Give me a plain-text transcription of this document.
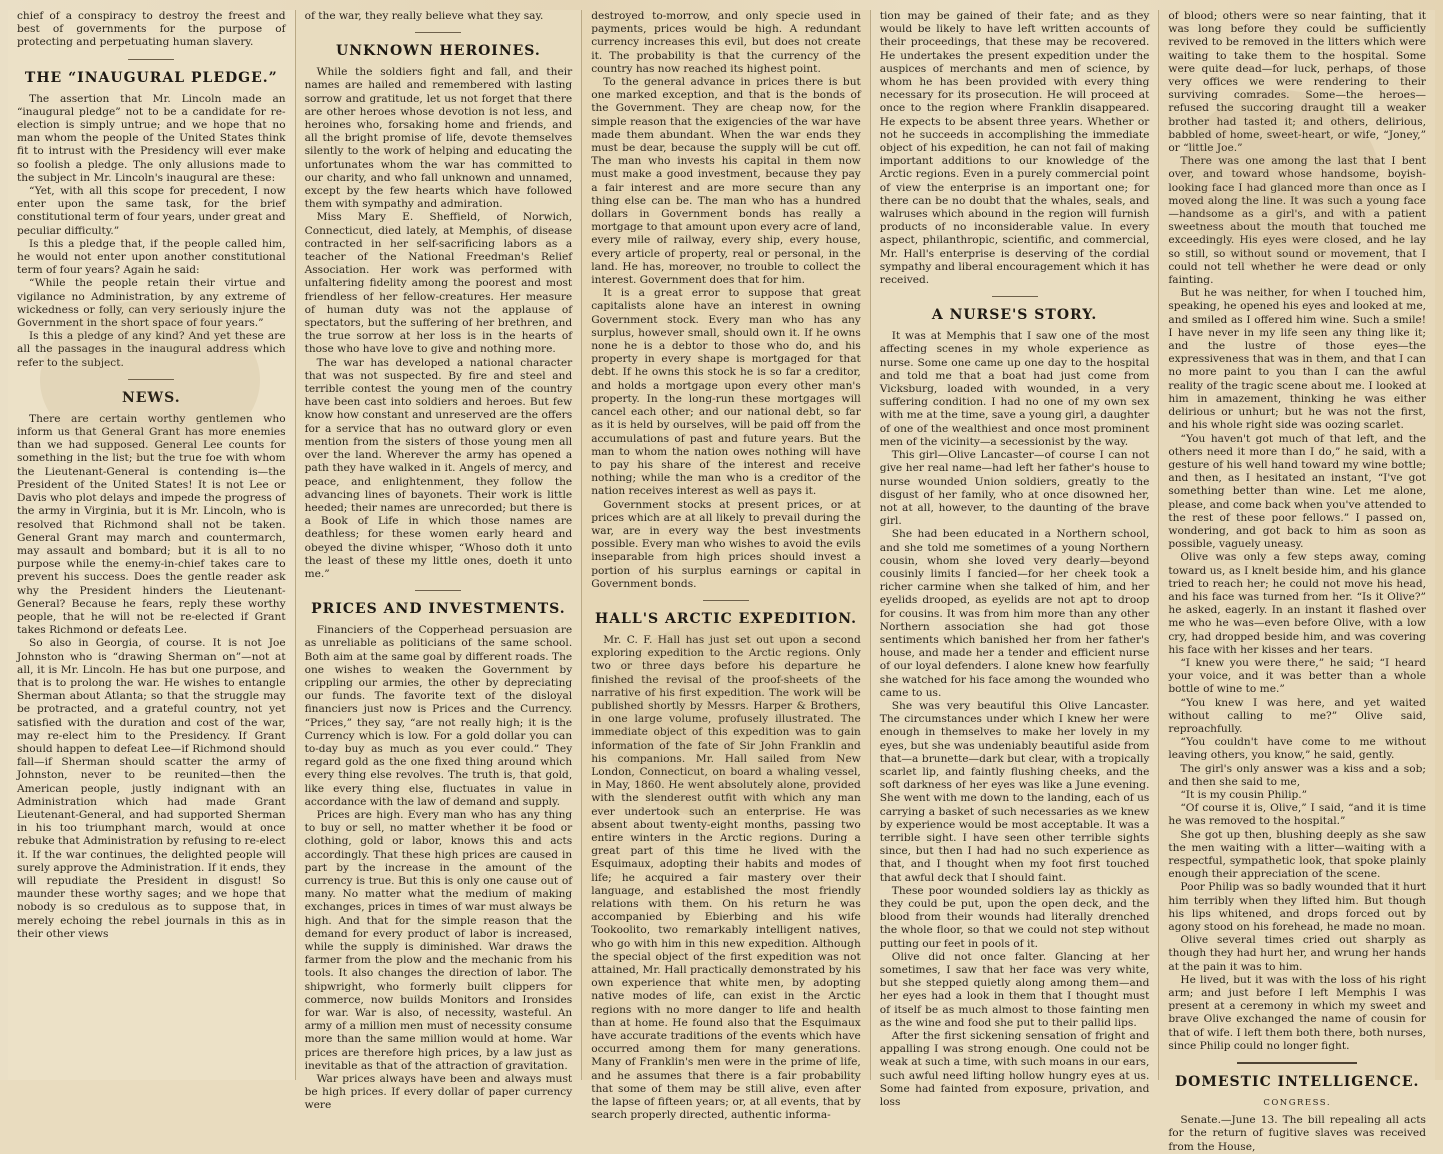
chief of a conspiracy to destroy the freest and best of governments for the purpose of protecting and perpetuating human slavery.

THE “INAUGURAL PLEDGE.”

The assertion that Mr. Lincoln made an “inaugural pledge” not to be a candidate for re-election is simply untrue; and we hope that no man whom the people of the United States think fit to intrust with the Presidency will ever make so foolish a pledge. The only allusions made to the subject in Mr. Lincoln's inaugural are these:

“Yet, with all this scope for precedent, I now enter upon the same task, for the brief constitutional term of four years, under great and peculiar difficulty.”

Is this a pledge that, if the people called him, he would not enter upon another constitutional term of four years? Again he said:

“While the people retain their virtue and vigilance no Administration, by any extreme of wickedness or folly, can very seriously injure the Government in the short space of four years.”

Is this a pledge of any kind? And yet these are all the passages in the inaugural address which refer to the subject.

NEWS.

There are certain worthy gentlemen who inform us that General Grant has more enemies than we had supposed. General Lee counts for something in the list; but the true foe with whom the Lieutenant-General is contending is—the President of the United States! It is not Lee or Davis who plot delays and impede the progress of the army in Virginia, but it is Mr. Lincoln, who is resolved that Richmond shall not be taken. General Grant may march and countermarch, may assault and bombard; but it is all to no purpose while the enemy-in-chief takes care to prevent his success. Does the gentle reader ask why the President hinders the Lieutenant-General? Because he fears, reply these worthy people, that he will not be re-elected if Grant takes Richmond or defeats Lee.

So also in Georgia, of course. It is not Joe Johnston who is “drawing Sherman on”—not at all, it is Mr. Lincoln. He has but one purpose, and that is to prolong the war. He wishes to entangle Sherman about Atlanta; so that the struggle may be protracted, and a grateful country, not yet satisfied with the duration and cost of the war, may re-elect him to the Presidency. If Grant should happen to defeat Lee—if Richmond should fall—if Sherman should scatter the army of Johnston, never to be reunited—then the American people, justly indignant with an Administration which had made Grant Lieutenant-General, and had supported Sherman in his too triumphant march, would at once rebuke that Administration by refusing to re-elect it. If the war continues, the delighted people will surely approve the Administration. If it ends, they will repudiate the President in disgust! So maunder these worthy sages; and we hope that nobody is so credulous as to suppose that, in merely echoing the rebel journals in this as in their other views

of the war, they really believe what they say.

UNKNOWN HEROINES.

While the soldiers fight and fall, and their names are hailed and remembered with lasting sorrow and gratitude, let us not forget that there are other heroes whose devotion is not less, and heroines who, forsaking home and friends, and all the bright promise of life, devote themselves silently to the work of helping and educating the unfortunates whom the war has committed to our charity, and who fall unknown and unnamed, except by the few hearts which have followed them with sympathy and admiration.

Miss Mary E. Sheffield, of Norwich, Connecticut, died lately, at Memphis, of disease contracted in her self-sacrificing labors as a teacher of the National Freedman's Relief Association. Her work was performed with unfaltering fidelity among the poorest and most friendless of her fellow-creatures. Her measure of human duty was not the applause of spectators, but the suffering of her brethren, and the true sorrow at her loss is in the hearts of those who have love to give and nothing more.

The war has developed a national character that was not suspected. By fire and steel and terrible contest the young men of the country have been cast into soldiers and heroes. But few know how constant and unreserved are the offers for a service that has no outward glory or even mention from the sisters of those young men all over the land. Wherever the army has opened a path they have walked in it. Angels of mercy, and peace, and enlightenment, they follow the advancing lines of bayonets. Their work is little heeded; their names are unrecorded; but there is a Book of Life in which those names are deathless; for these women early heard and obeyed the divine whisper, “Whoso doth it unto the least of these my little ones, doeth it unto me.”

PRICES AND INVESTMENTS.

Financiers of the Copperhead persuasion are as unreliable as politicians of the same school. Both aim at the same goal by different roads. The one wishes to weaken the Government by crippling our armies, the other by depreciating our funds. The favorite text of the disloyal financiers just now is Prices and the Currency. “Prices,” they say, “are not really high; it is the Currency which is low. For a gold dollar you can to-day buy as much as you ever could.” They regard gold as the one fixed thing around which every thing else revolves. The truth is, that gold, like every thing else, fluctuates in value in accordance with the law of demand and supply.

Prices are high. Every man who has any thing to buy or sell, no matter whether it be food or clothing, gold or labor, knows this and acts accordingly. That these high prices are caused in part by the increase in the amount of the currency is true. But this is only one cause out of many. No matter what the medium of making exchanges, prices in times of war must always be high. And that for the simple reason that the demand for every product of labor is increased, while the supply is diminished. War draws the farmer from the plow and the mechanic from his tools. It also changes the direction of labor. The shipwright, who formerly built clippers for commerce, now builds Monitors and Ironsides for war. War is also, of necessity, wasteful. An army of a million men must of necessity consume more than the same million would at home. War prices are therefore high prices, by a law just as inevitable as that of the attraction of gravitation.

War prices always have been and always must be high prices. If every dollar of paper currency were

destroyed to-morrow, and only specie used in payments, prices would be high. A redundant currency increases this evil, but does not create it. The probability is that the currency of the country has now reached its highest point.

To the general advance in prices there is but one marked exception, and that is the bonds of the Government. They are cheap now, for the simple reason that the exigencies of the war have made them abundant. When the war ends they must be dear, because the supply will be cut off. The man who invests his capital in them now must make a good investment, because they pay a fair interest and are more secure than any thing else can be. The man who has a hundred dollars in Government bonds has really a mortgage to that amount upon every acre of land, every mile of railway, every ship, every house, every article of property, real or personal, in the land. He has, moreover, no trouble to collect the interest. Government does that for him.

It is a great error to suppose that great capitalists alone have an interest in owning Government stock. Every man who has any surplus, however small, should own it. If he owns none he is a debtor to those who do, and his property in every shape is mortgaged for that debt. If he owns this stock he is so far a creditor, and holds a mortgage upon every other man's property. In the long-run these mortgages will cancel each other; and our national debt, so far as it is held by ourselves, will be paid off from the accumulations of past and future years. But the man to whom the nation owes nothing will have to pay his share of the interest and receive nothing; while the man who is a creditor of the nation receives interest as well as pays it.

Government stocks at present prices, or at prices which are at all likely to prevail during the war, are in every way the best investments possible. Every man who wishes to avoid the evils inseparable from high prices should invest a portion of his surplus earnings or capital in Government bonds.

HALL'S ARCTIC EXPEDITION.

Mr. C. F. Hall has just set out upon a second exploring expedition to the Arctic regions. Only two or three days before his departure he finished the revisal of the proof-sheets of the narrative of his first expedition. The work will be published shortly by Messrs. Harper & Brothers, in one large volume, profusely illustrated. The immediate object of this expedition was to gain information of the fate of Sir John Franklin and his companions. Mr. Hall sailed from New London, Connecticut, on board a whaling vessel, in May, 1860. He went absolutely alone, provided with the slenderest outfit with which any man ever undertook such an enterprise. He was absent about twenty-eight months, passing two entire winters in the Arctic regions. During a great part of this time he lived with the Esquimaux, adopting their habits and modes of life; he acquired a fair mastery over their language, and established the most friendly relations with them. On his return he was accompanied by Ebierbing and his wife Tookoolito, two remarkably intelligent natives, who go with him in this new expedition. Although the special object of the first expedition was not attained, Mr. Hall practically demonstrated by his own experience that white men, by adopting native modes of life, can exist in the Arctic regions with no more danger to life and health than at home. He found also that the Esquimaux have accurate traditions of the events which have occurred among them for many generations. Many of Franklin's men were in the prime of life, and he assumes that there is a fair probability that some of them may be still alive, even after the lapse of fifteen years; or, at all events, that by search properly directed, authentic informa-

tion may be gained of their fate; and as they would be likely to have left written accounts of their proceedings, that these may be recovered. He undertakes the present expedition under the auspices of merchants and men of science, by whom he has been provided with every thing necessary for its prosecution. He will proceed at once to the region where Franklin disappeared. He expects to be absent three years. Whether or not he succeeds in accomplishing the immediate object of his expedition, he can not fail of making important additions to our knowledge of the Arctic regions. Even in a purely commercial point of view the enterprise is an important one; for there can be no doubt that the whales, seals, and walruses which abound in the region will furnish products of no inconsiderable value. In every aspect, philanthropic, scientific, and commercial, Mr. Hall's enterprise is deserving of the cordial sympathy and liberal encouragement which it has received.

A NURSE'S STORY.

It was at Memphis that I saw one of the most affecting scenes in my whole experience as nurse. Some one came up one day to the hospital and told me that a boat had just come from Vicksburg, loaded with wounded, in a very suffering condition. I had no one of my own sex with me at the time, save a young girl, a daughter of one of the wealthiest and once most prominent men of the vicinity—a secessionist by the way.

This girl—Olive Lancaster—of course I can not give her real name—had left her father's house to nurse wounded Union soldiers, greatly to the disgust of her family, who at once disowned her, not at all, however, to the daunting of the brave girl.

She had been educated in a Northern school, and she told me sometimes of a young Northern cousin, whom she loved very dearly—beyond cousinly limits I fancied—for her cheek took a richer carmine when she talked of him, and her eyelids drooped, as eyelids are not apt to droop for cousins. It was from him more than any other Northern association she had got those sentiments which banished her from her father's house, and made her a tender and efficient nurse of our loyal defenders. I alone knew how fearfully she watched for his face among the wounded who came to us.

She was very beautiful this Olive Lancaster. The circumstances under which I knew her were enough in themselves to make her lovely in my eyes, but she was undeniably beautiful aside from that—a brunette—dark but clear, with a tropically scarlet lip, and faintly flushing cheeks, and the soft darkness of her eyes was like a June evening. She went with me down to the landing, each of us carrying a basket of such necessaries as we knew by experience would be most acceptable. It was a terrible sight. I have seen other terrible sights since, but then I had had no such experience as that, and I thought when my foot first touched that awful deck that I should faint.

These poor wounded soldiers lay as thickly as they could be put, upon the open deck, and the blood from their wounds had literally drenched the whole floor, so that we could not step without putting our feet in pools of it.

Olive did not once falter. Glancing at her sometimes, I saw that her face was very white, but she stepped quietly along among them—and her eyes had a look in them that I thought must of itself be as much almost to those fainting men as the wine and food she put to their pallid lips.

After the first sickening sensation of fright and appalling I was strong enough. One could not be weak at such a time, with such moans in our ears, such awful need lifting hollow hungry eyes at us. Some had fainted from exposure, privation, and loss

of blood; others were so near fainting, that it was long before they could be sufficiently revived to be removed in the litters which were waiting to take them to the hospital. Some were quite dead—for luck, perhaps, of those very offices we were rendering to their surviving comrades. Some—the heroes—refused the succoring draught till a weaker brother had tasted it; and others, delirious, babbled of home, sweet-heart, or wife, “Joney,” or “little Joe.”

There was one among the last that I bent over, and toward whose handsome, boyish-looking face I had glanced more than once as I moved along the line. It was such a young face—handsome as a girl's, and with a patient sweetness about the mouth that touched me exceedingly. His eyes were closed, and he lay so still, so without sound or movement, that I could not tell whether he were dead or only fainting.

But he was neither, for when I touched him, speaking, he opened his eyes and looked at me, and smiled as I offered him wine. Such a smile! I have never in my life seen any thing like it; and the lustre of those eyes—the expressiveness that was in them, and that I can no more paint to you than I can the awful reality of the tragic scene about me. I looked at him in amazement, thinking he was either delirious or unhurt; but he was not the first, and his whole right side was oozing scarlet.

“You haven't got much of that left, and the others need it more than I do,” he said, with a gesture of his well hand toward my wine bottle; and then, as I hesitated an instant, “I've got something better than wine. Let me alone, please, and come back when you've attended to the rest of these poor fellows.” I passed on, wondering, and got back to him as soon as possible, vaguely uneasy.

Olive was only a few steps away, coming toward us, as I knelt beside him, and his glance tried to reach her; he could not move his head, and his face was turned from her. “Is it Olive?” he asked, eagerly. In an instant it flashed over me who he was—even before Olive, with a low cry, had dropped beside him, and was covering his face with her kisses and her tears.

“I knew you were there,” he said; “I heard your voice, and it was better than a whole bottle of wine to me.”

“You knew I was here, and yet waited without calling to me?” Olive said, reproachfully.

“You couldn't have come to me without leaving others, you know,” he said, gently.

The girl's only answer was a kiss and a sob; and then she said to me,

“It is my cousin Philip.”

“Of course it is, Olive,” I said, “and it is time he was removed to the hospital.”

She got up then, blushing deeply as she saw the men waiting with a litter—waiting with a respectful, sympathetic look, that spoke plainly enough their appreciation of the scene.

Poor Philip was so badly wounded that it hurt him terribly when they lifted him. But though his lips whitened, and drops forced out by agony stood on his forehead, he made no moan.

Olive several times cried out sharply as though they had hurt her, and wrung her hands at the pain it was to him.

He lived, but it was with the loss of his right arm; and just before I left Memphis I was present at a ceremony in which my sweet and brave Olive exchanged the name of cousin for that of wife. I left them both there, both nurses, since Philip could no longer fight.

DOMESTIC INTELLIGENCE.
CONGRESS.

Senate.—June 13. The bill repealing all acts for the return of fugitive slaves was received from the House,
